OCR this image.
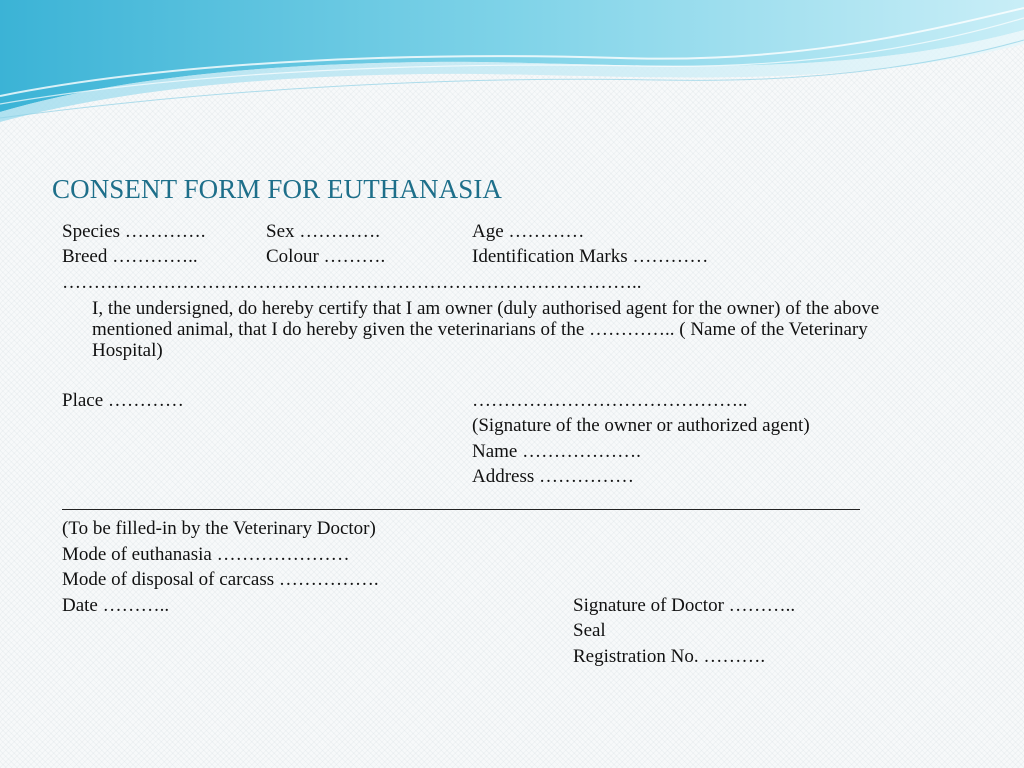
CONSENT FORM FOR EUTHANASIA
Species ………….	Sex ………….	Age …………
Breed …………..	Colour ……….	Identification Marks …………
………………………………………………………………………………..
I, the undersigned, do hereby certify that I am owner (duly authorised agent for the owner) of the above mentioned animal, that I do hereby given the veterinarians of the ………….. ( Name of the Veterinary Hospital)
Place …………	……………………………………..
(Signature of the owner or authorized agent)
Name ……………….
Address ……………
(To be filled-in by the Veterinary Doctor)
Mode of euthanasia …………………
Mode of disposal of carcass …………….
Date ………..	Signature of Doctor ………..
Seal
Registration No. ……….
